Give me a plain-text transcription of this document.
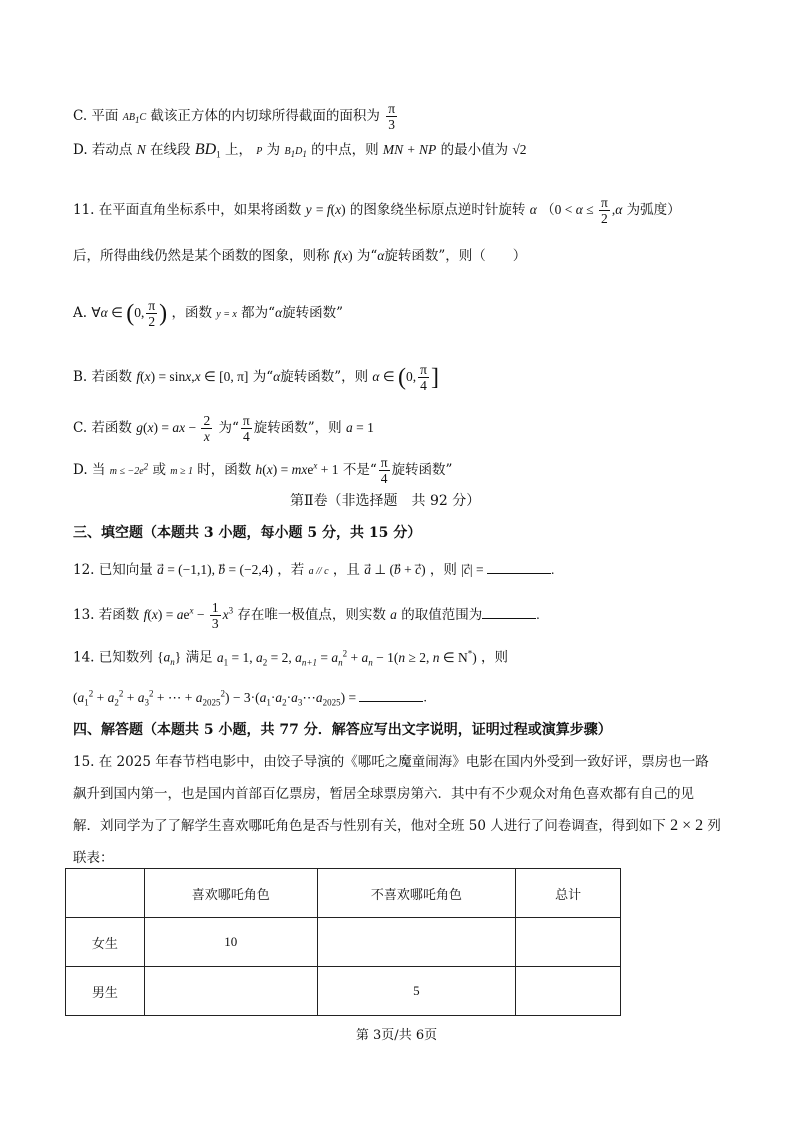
C. 平面 $AB_1C$ 截该正方体的内切球所得截面的面积为 $\frac{\pi}{3}$
D. 若动点 N 在线段 $BD_1$ 上， P 为 $B_1D_1$ 的中点，则 MN + NP 的最小值为 √2
11. 在平面直角坐标系中，如果将函数 y = f(x) 的图象绕坐标原点逆时针旋转 α （$0 < \alpha \le \frac{\pi}{2} ,\alpha$ 为弧度）
后，所得曲线仍然是某个函数的图象，则称 f(x) 为“α旋转函数”，则（　　）
A. ∀α ∈ (0, $\frac{\pi}{2}$ ) ，函数 y = x 都为“α旋转函数”
B. 若函数 f(x) = sinx,x ∈ [0, π] 为“α旋转函数”，则 α ∈ (0, $\frac{\pi}{4}$ ]
C. 若函数 g(x) = ax − $\frac{2}{x}$ 为“ $\frac{\pi}{4}$ 旋转函数”，则 a = 1
D. 当 $m \le -2e^2$ 或 m ≥ 1 时，函数 h(x) = mxe$^x$ + 1 不是“ $\frac{\pi}{4}$ 旋转函数”
第Ⅱ卷（非选择题　共 92 分）
三、填空题（本题共 3 小题，每小题 5 分，共 15 分）
12. 已知向量 a⃗ = (−1,1), b⃗ = (−2,4) ，若 a // c ，且 a⃗ ⊥ (b⃗ + c⃗) ，则 |c⃗| =	.
13. 若函数 $f(x) = ae^x - \frac{1}{3} x^3$ 存在唯一极值点，则实数 a 的取值范围为	.
14. 已知数列 $\{a_n\}$ 满足 $a_1 = 1$, $a_2 = 2$, $a_{n+1} = a_n^2 + a_n - 1(n \ge 2$, n ∈ N*) ，则
($a_1^2 + a_2^2 + a_3^2$ + ⋯ + $a_{2025}^2$) − $3\cdot(a_1\cdot a_2\cdot a_3\cdots a_{2025})$ =	.
四、解答题（本题共 5 小题，共 77 分．解答应写出文字说明，证明过程或演算步骤）
15. 在 2025 年春节档电影中，由饺子导演的《哪吒之魔童闹海》电影在国内外受到一致好评，票房也一路
飙升到国内第一，也是国内首部百亿票房，暂居全球票房第六．其中有不少观众对角色喜欢都有自己的见
解．刘同学为了了解学生喜欢哪吒角色是否与性别有关，他对全班 50 人进行了问卷调查，得到如下 2 × 2 列
联表：
	喜欢哪吒角色	不喜欢哪吒角色	总计
女生	10		
男生		5	
第 3页/共 6页
